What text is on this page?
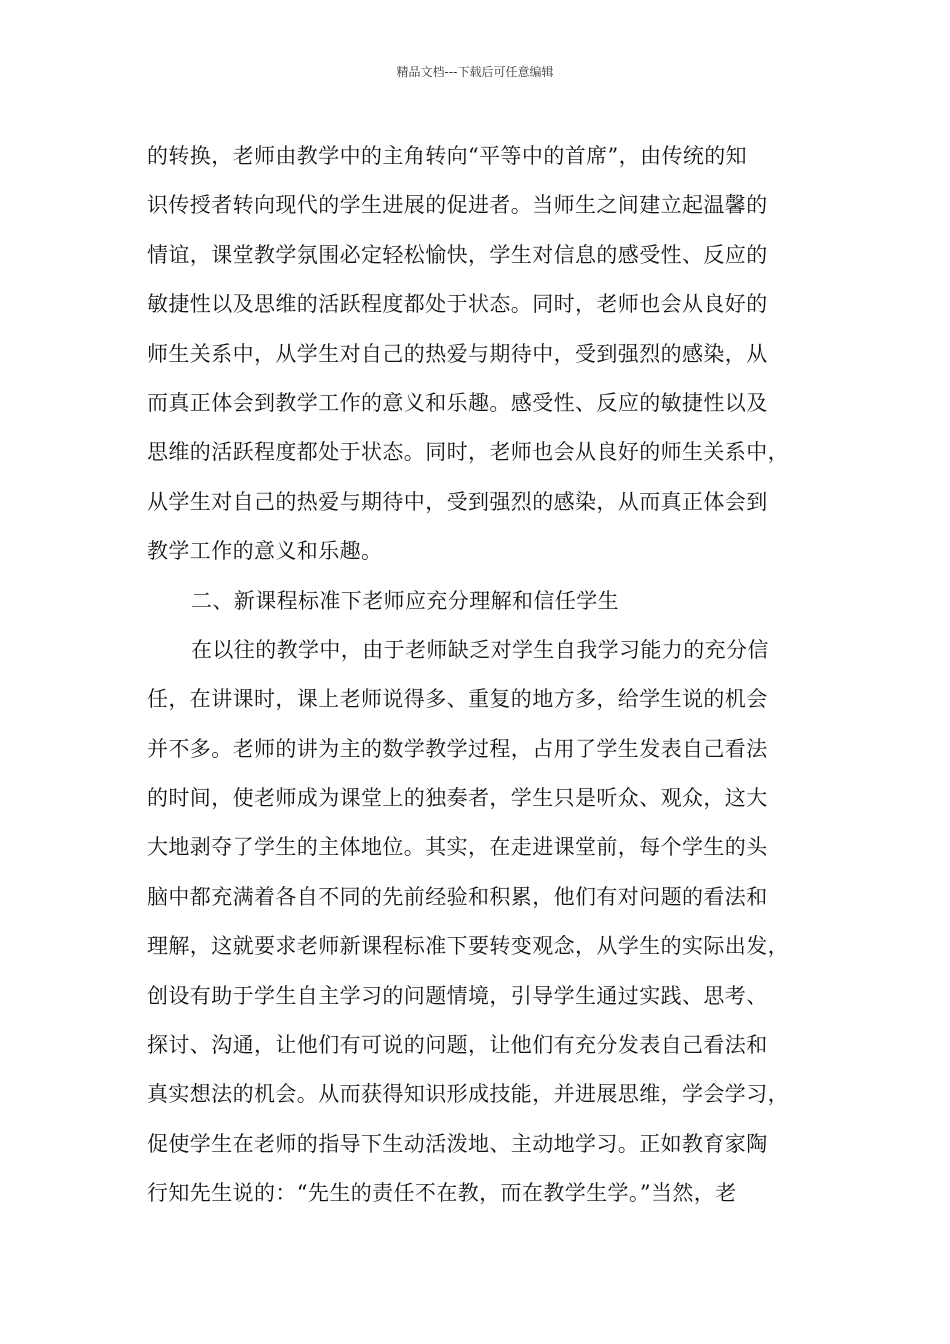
精品文档---下载后可任意编辑
的转换，老师由教学中的主角转向“平等中的首席”，由传统的知
识传授者转向现代的学生进展的促进者。当师生之间建立起温馨的
情谊，课堂教学氛围必定轻松愉快，学生对信息的感受性、反应的
敏捷性以及思维的活跃程度都处于状态。同时，老师也会从良好的
师生关系中，从学生对自己的热爱与期待中，受到强烈的感染，从
而真正体会到教学工作的意义和乐趣。感受性、反应的敏捷性以及
思维的活跃程度都处于状态。同时，老师也会从良好的师生关系中，
从学生对自己的热爱与期待中，受到强烈的感染，从而真正体会到
教学工作的意义和乐趣。
二、新课程标准下老师应充分理解和信任学生
在以往的教学中，由于老师缺乏对学生自我学习能力的充分信
任，在讲课时，课上老师说得多、重复的地方多，给学生说的机会
并不多。老师的讲为主的数学教学过程，占用了学生发表自己看法
的时间，使老师成为课堂上的独奏者，学生只是听众、观众，这大
大地剥夺了学生的主体地位。其实，在走进课堂前，每个学生的头
脑中都充满着各自不同的先前经验和积累，他们有对问题的看法和
理解，这就要求老师新课程标准下要转变观念，从学生的实际出发，
创设有助于学生自主学习的问题情境，引导学生通过实践、思考、
探讨、沟通，让他们有可说的问题，让他们有充分发表自己看法和
真实想法的机会。从而获得知识形成技能，并进展思维，学会学习，
促使学生在老师的指导下生动活泼地、主动地学习。正如教育家陶
行知先生说的：“先生的责任不在教，而在教学生学。”当然，老
